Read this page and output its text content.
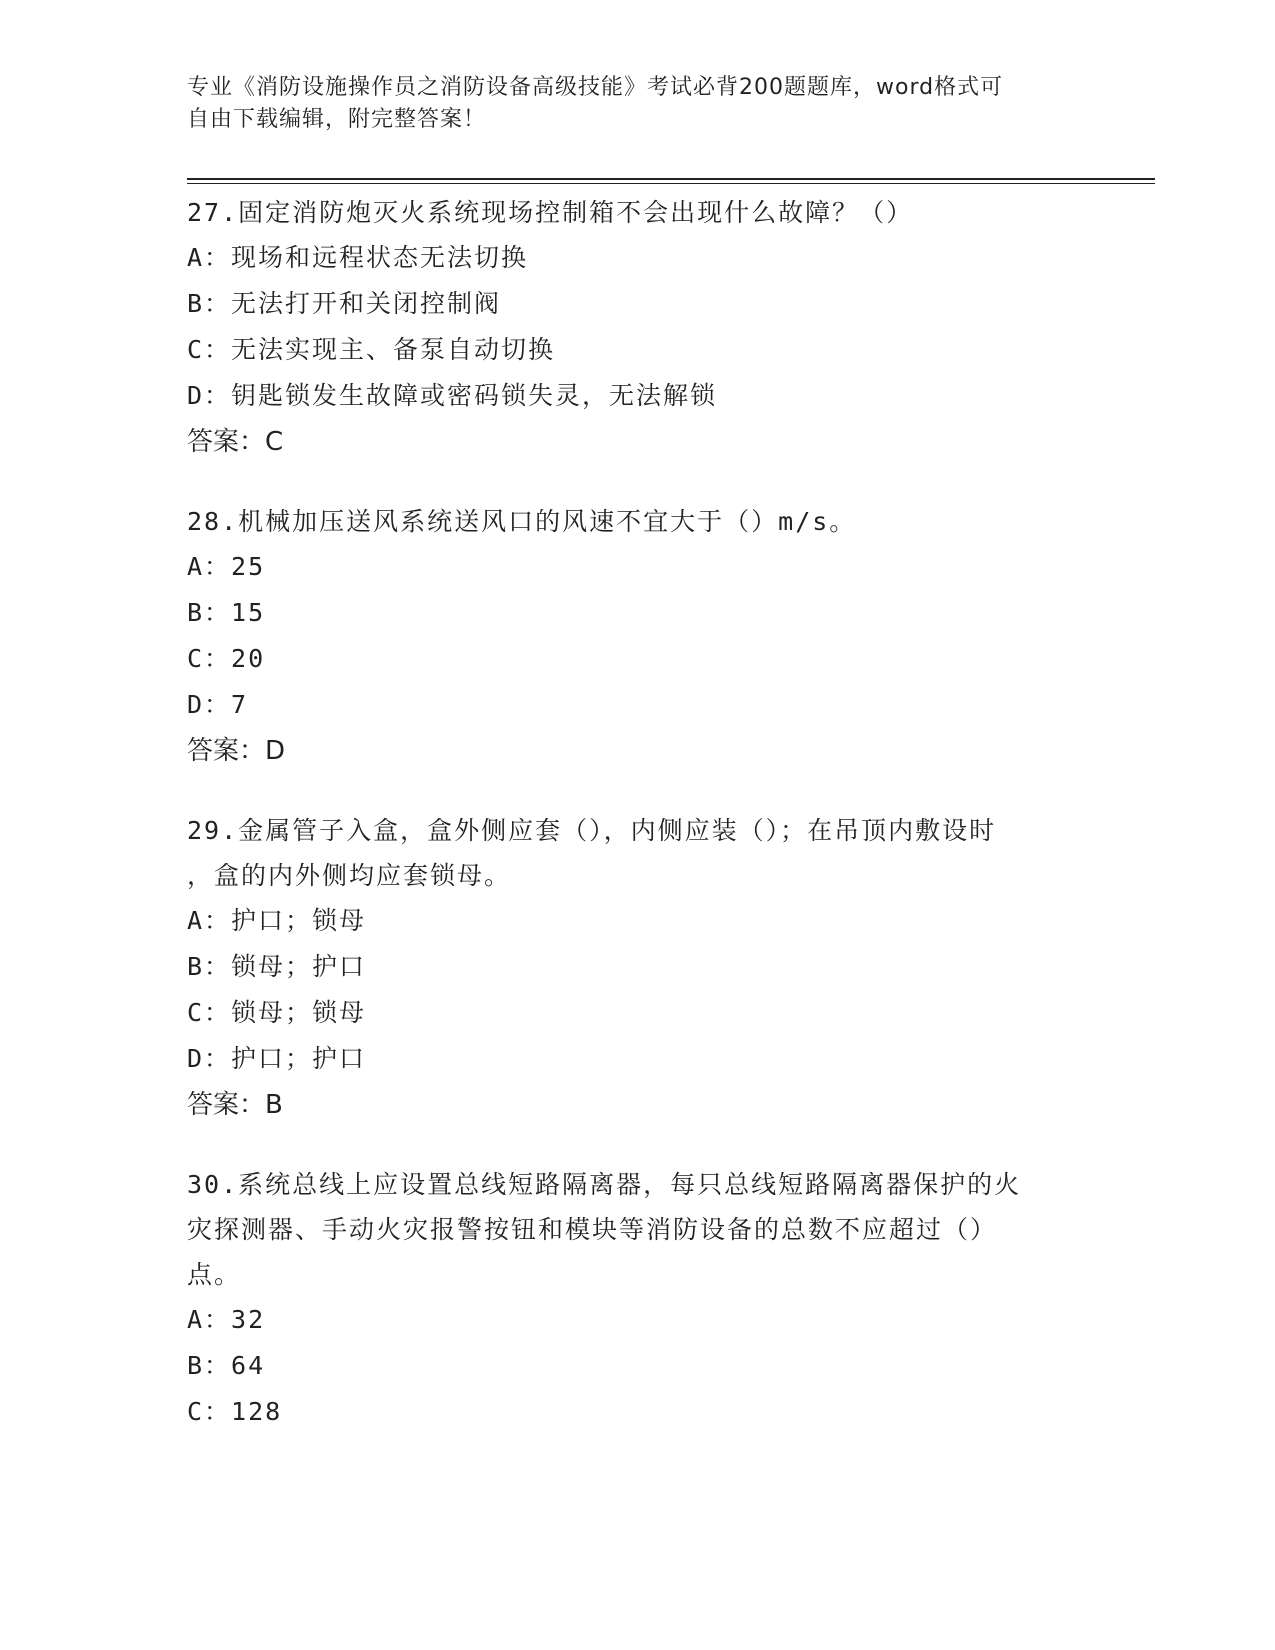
专业《消防设施操作员之消防设备高级技能》考试必背200题题库，word格式可
自由下载编辑，附完整答案！
27.固定消防炮灭火系统现场控制箱不会出现什么故障？（）
A：现场和远程状态无法切换
B：无法打开和关闭控制阀
C：无法实现主、备泵自动切换
D：钥匙锁发生故障或密码锁失灵，无法解锁
答案：C
28.机械加压送风系统送风口的风速不宜大于（）m/s。
A：25
B：15
C：20
D：7
答案：D
29.金属管子入盒，盒外侧应套（），内侧应装（）；在吊顶内敷设时
，盒的内外侧均应套锁母。
A：护口；锁母
B：锁母；护口
C：锁母；锁母
D：护口；护口
答案：B
30.系统总线上应设置总线短路隔离器，每只总线短路隔离器保护的火
灾探测器、手动火灾报警按钮和模块等消防设备的总数不应超过（）
点。
A：32
B：64
C：128
